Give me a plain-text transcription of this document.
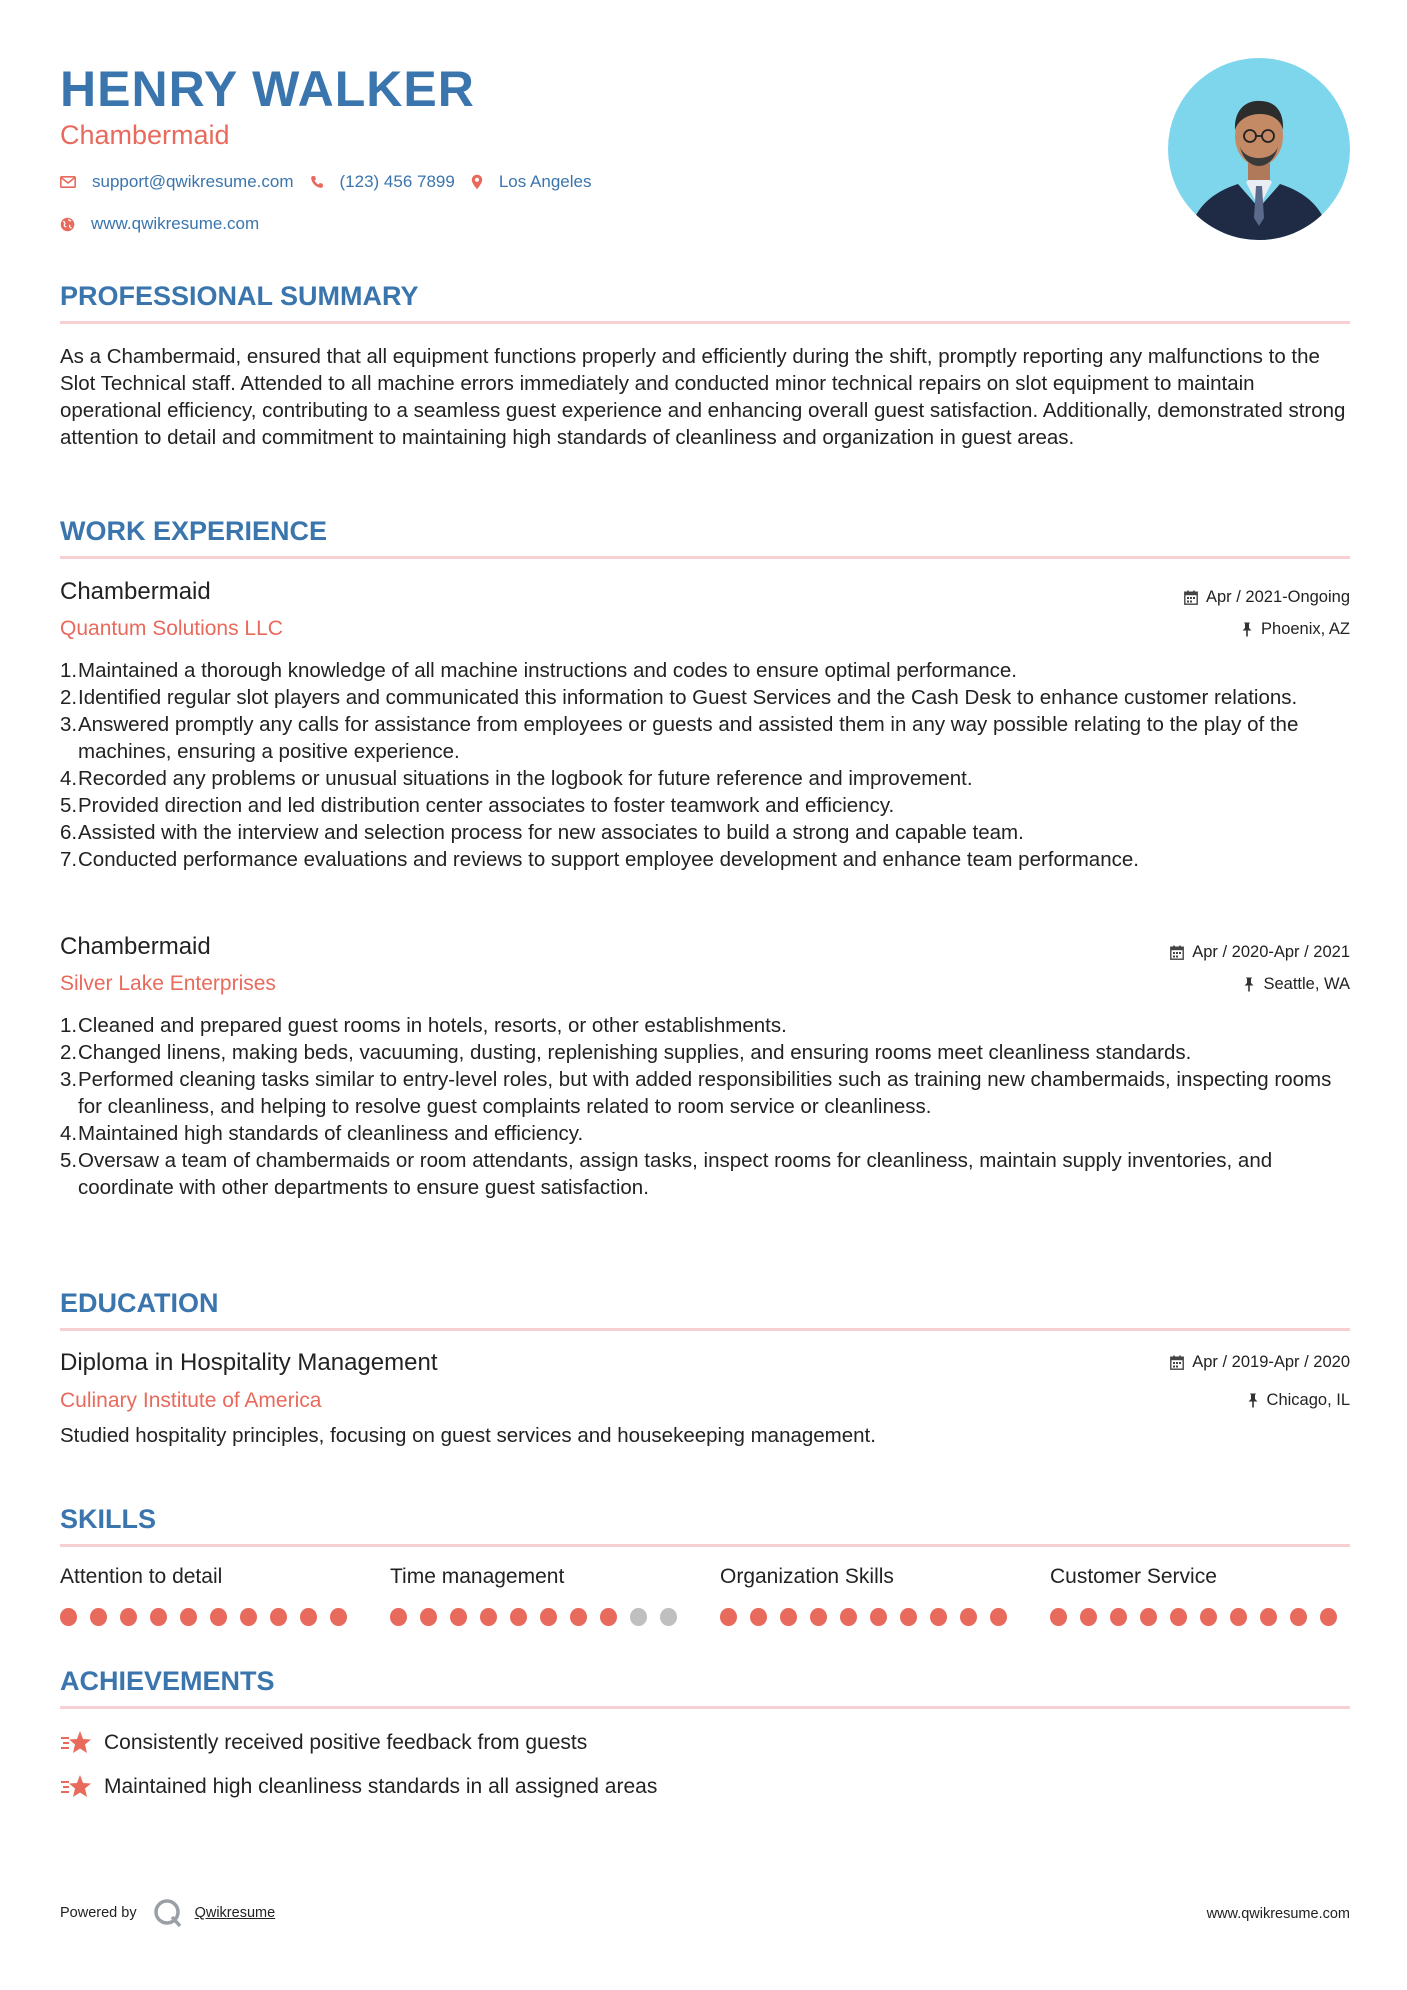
HENRY WALKER
Chambermaid
support@qwikresume.com	(123) 456 7899	Los Angeles
www.qwikresume.com
PROFESSIONAL SUMMARY
As a Chambermaid, ensured that all equipment functions properly and efficiently during the shift, promptly reporting any malfunctions to the Slot Technical staff. Attended to all machine errors immediately and conducted minor technical repairs on slot equipment to maintain operational efficiency, contributing to a seamless guest experience and enhancing overall guest satisfaction. Additionally, demonstrated strong attention to detail and commitment to maintaining high standards of cleanliness and organization in guest areas.
WORK EXPERIENCE
Chambermaid
Quantum Solutions LLC
Apr / 2021-Ongoing
Phoenix, AZ
1. Maintained a thorough knowledge of all machine instructions and codes to ensure optimal performance.
2. Identified regular slot players and communicated this information to Guest Services and the Cash Desk to enhance customer relations.
3. Answered promptly any calls for assistance from employees or guests and assisted them in any way possible relating to the play of the machines, ensuring a positive experience.
4. Recorded any problems or unusual situations in the logbook for future reference and improvement.
5. Provided direction and led distribution center associates to foster teamwork and efficiency.
6. Assisted with the interview and selection process for new associates to build a strong and capable team.
7. Conducted performance evaluations and reviews to support employee development and enhance team performance.
Chambermaid
Silver Lake Enterprises
Apr / 2020-Apr / 2021
Seattle, WA
1. Cleaned and prepared guest rooms in hotels, resorts, or other establishments.
2. Changed linens, making beds, vacuuming, dusting, replenishing supplies, and ensuring rooms meet cleanliness standards.
3. Performed cleaning tasks similar to entry-level roles, but with added responsibilities such as training new chambermaids, inspecting rooms for cleanliness, and helping to resolve guest complaints related to room service or cleanliness.
4. Maintained high standards of cleanliness and efficiency.
5. Oversaw a team of chambermaids or room attendants, assign tasks, inspect rooms for cleanliness, maintain supply inventories, and coordinate with other departments to ensure guest satisfaction.
EDUCATION
Diploma in Hospitality Management
Culinary Institute of America
Apr / 2019-Apr / 2020
Chicago, IL
Studied hospitality principles, focusing on guest services and housekeeping management.
SKILLS
Attention to detail	Time management	Organization Skills	Customer Service
ACHIEVEMENTS
Consistently received positive feedback from guests
Maintained high cleanliness standards in all assigned areas
Powered by	Qwikresume	www.qwikresume.com
